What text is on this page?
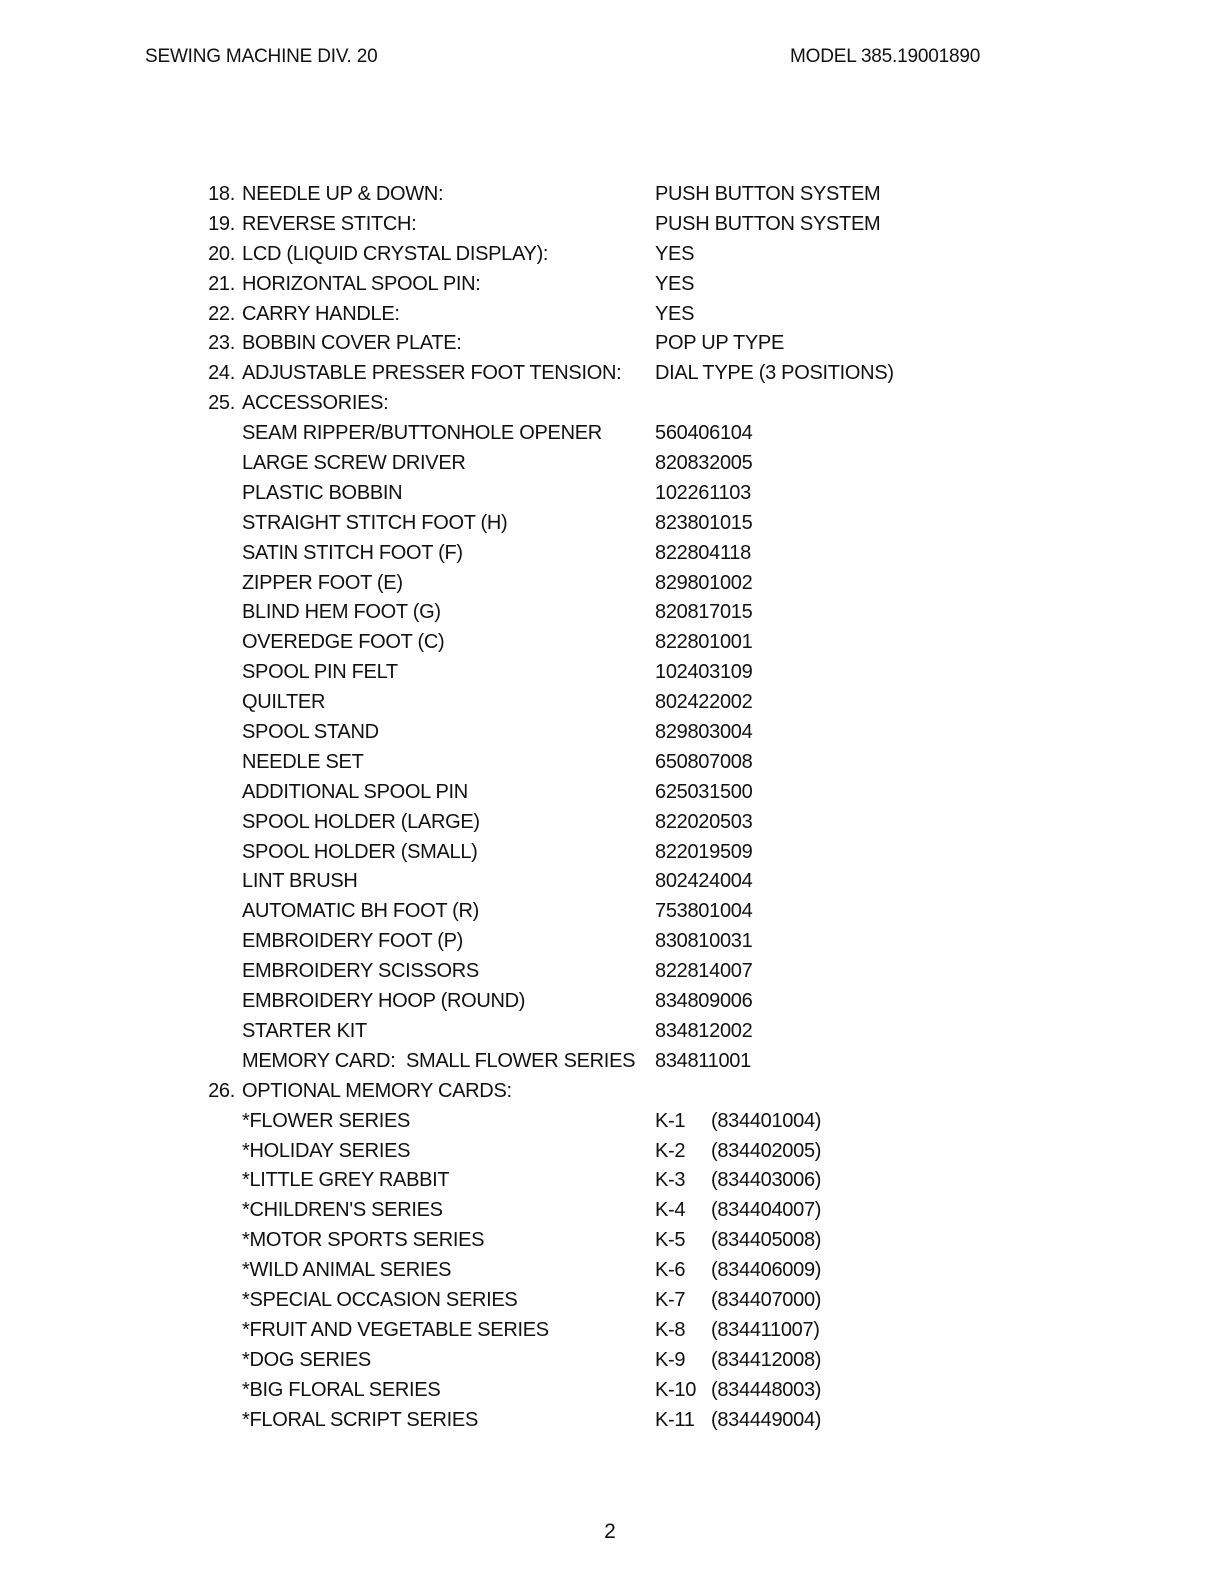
SEWING MACHINE DIV. 20	MODEL 385.19001890
18. NEEDLE UP & DOWN:	PUSH BUTTON SYSTEM
19. REVERSE STITCH:	PUSH BUTTON SYSTEM
20. LCD (LIQUID CRYSTAL DISPLAY):	YES
21. HORIZONTAL SPOOL PIN:	YES
22. CARRY HANDLE:	YES
23. BOBBIN COVER PLATE:	POP UP TYPE
24. ADJUSTABLE PRESSER FOOT TENSION: DIAL TYPE (3 POSITIONS)
25. ACCESSORIES:
SEAM RIPPER/BUTTONHOLE OPENER	560406104
LARGE SCREW DRIVER	820832005
PLASTIC BOBBIN	102261103
STRAIGHT STITCH FOOT (H)	823801015
SATIN STITCH FOOT (F)	822804118
ZIPPER FOOT (E)	829801002
BLIND HEM FOOT (G)	820817015
OVEREDGE FOOT (C)	822801001
SPOOL PIN FELT	102403109
QUILTER	802422002
SPOOL STAND	829803004
NEEDLE SET	650807008
ADDITIONAL SPOOL PIN	625031500
SPOOL HOLDER (LARGE)	822020503
SPOOL HOLDER (SMALL)	822019509
LINT BRUSH	802424004
AUTOMATIC BH FOOT (R)	753801004
EMBROIDERY FOOT (P)	830810031
EMBROIDERY SCISSORS	822814007
EMBROIDERY HOOP (ROUND)	834809006
STARTER KIT	834812002
MEMORY CARD:  SMALL FLOWER SERIES 834811001
26. OPTIONAL MEMORY CARDS:
*FLOWER SERIES	K-1 (834401004)
*HOLIDAY SERIES	K-2 (834402005)
*LITTLE GREY RABBIT	K-3 (834403006)
*CHILDREN'S SERIES	K-4 (834404007)
*MOTOR SPORTS SERIES	K-5 (834405008)
*WILD ANIMAL SERIES	K-6 (834406009)
*SPECIAL OCCASION SERIES	K-7 (834407000)
*FRUIT AND VEGETABLE SERIES	K-8 (834411007)
*DOG SERIES	K-9 (834412008)
*BIG FLORAL SERIES	K-10 (834448003)
*FLORAL SCRIPT SERIES	K-11 (834449004)
2
